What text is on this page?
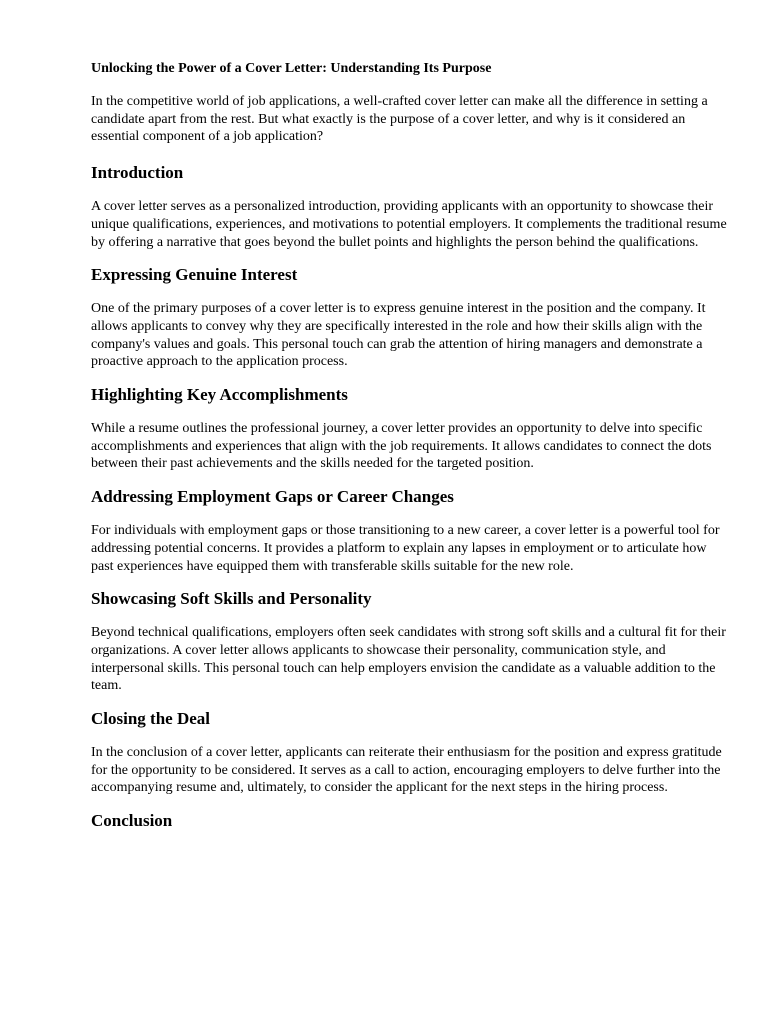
Unlocking the Power of a Cover Letter: Understanding Its Purpose

In the competitive world of job applications, a well-crafted cover letter can make all the difference in setting a candidate apart from the rest. But what exactly is the purpose of a cover letter, and why is it considered an essential component of a job application?

Introduction

A cover letter serves as a personalized introduction, providing applicants with an opportunity to showcase their unique qualifications, experiences, and motivations to potential employers. It complements the traditional resume by offering a narrative that goes beyond the bullet points and highlights the person behind the qualifications.

Expressing Genuine Interest

One of the primary purposes of a cover letter is to express genuine interest in the position and the company. It allows applicants to convey why they are specifically interested in the role and how their skills align with the company's values and goals. This personal touch can grab the attention of hiring managers and demonstrate a proactive approach to the application process.

Highlighting Key Accomplishments

While a resume outlines the professional journey, a cover letter provides an opportunity to delve into specific accomplishments and experiences that align with the job requirements. It allows candidates to connect the dots between their past achievements and the skills needed for the targeted position.

Addressing Employment Gaps or Career Changes

For individuals with employment gaps or those transitioning to a new career, a cover letter is a powerful tool for addressing potential concerns. It provides a platform to explain any lapses in employment or to articulate how past experiences have equipped them with transferable skills suitable for the new role.

Showcasing Soft Skills and Personality

Beyond technical qualifications, employers often seek candidates with strong soft skills and a cultural fit for their organizations. A cover letter allows applicants to showcase their personality, communication style, and interpersonal skills. This personal touch can help employers envision the candidate as a valuable addition to the team.

Closing the Deal

In the conclusion of a cover letter, applicants can reiterate their enthusiasm for the position and express gratitude for the opportunity to be considered. It serves as a call to action, encouraging employers to delve further into the accompanying resume and, ultimately, to consider the applicant for the next steps in the hiring process.

Conclusion
